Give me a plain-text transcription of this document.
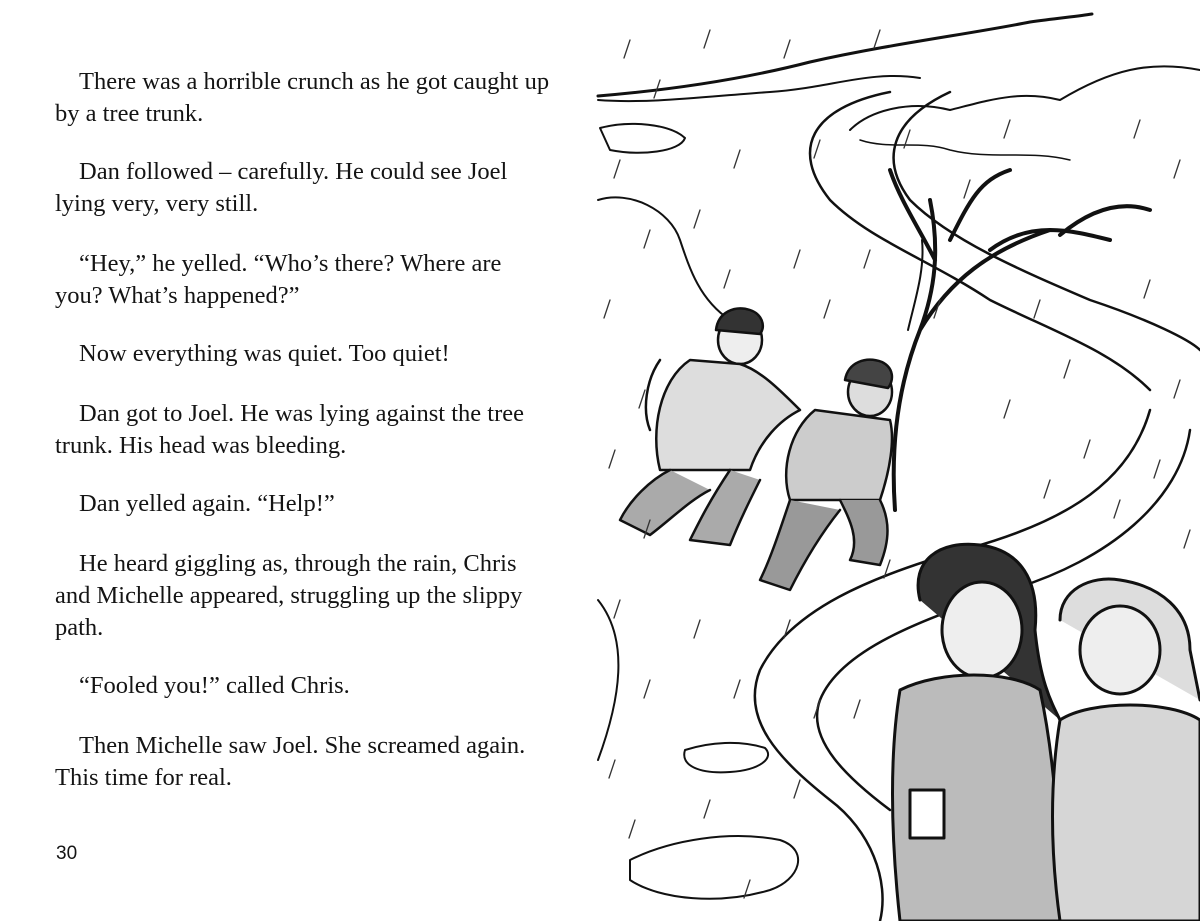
There was a horrible crunch as he got caught up by a tree trunk.

Dan followed – carefully. He could see Joel lying very, very still.

“Hey,” he yelled. “Who’s there? Where are you? What’s happened?”

Now everything was quiet. Too quiet!

Dan got to Joel. He was lying against the tree trunk. His head was bleeding.

Dan yelled again. “Help!”

He heard giggling as, through the rain, Chris and Michelle appeared, struggling up the slippy path.

“Fooled you!” called Chris.

Then Michelle saw Joel. She screamed again. This time for real.

30
